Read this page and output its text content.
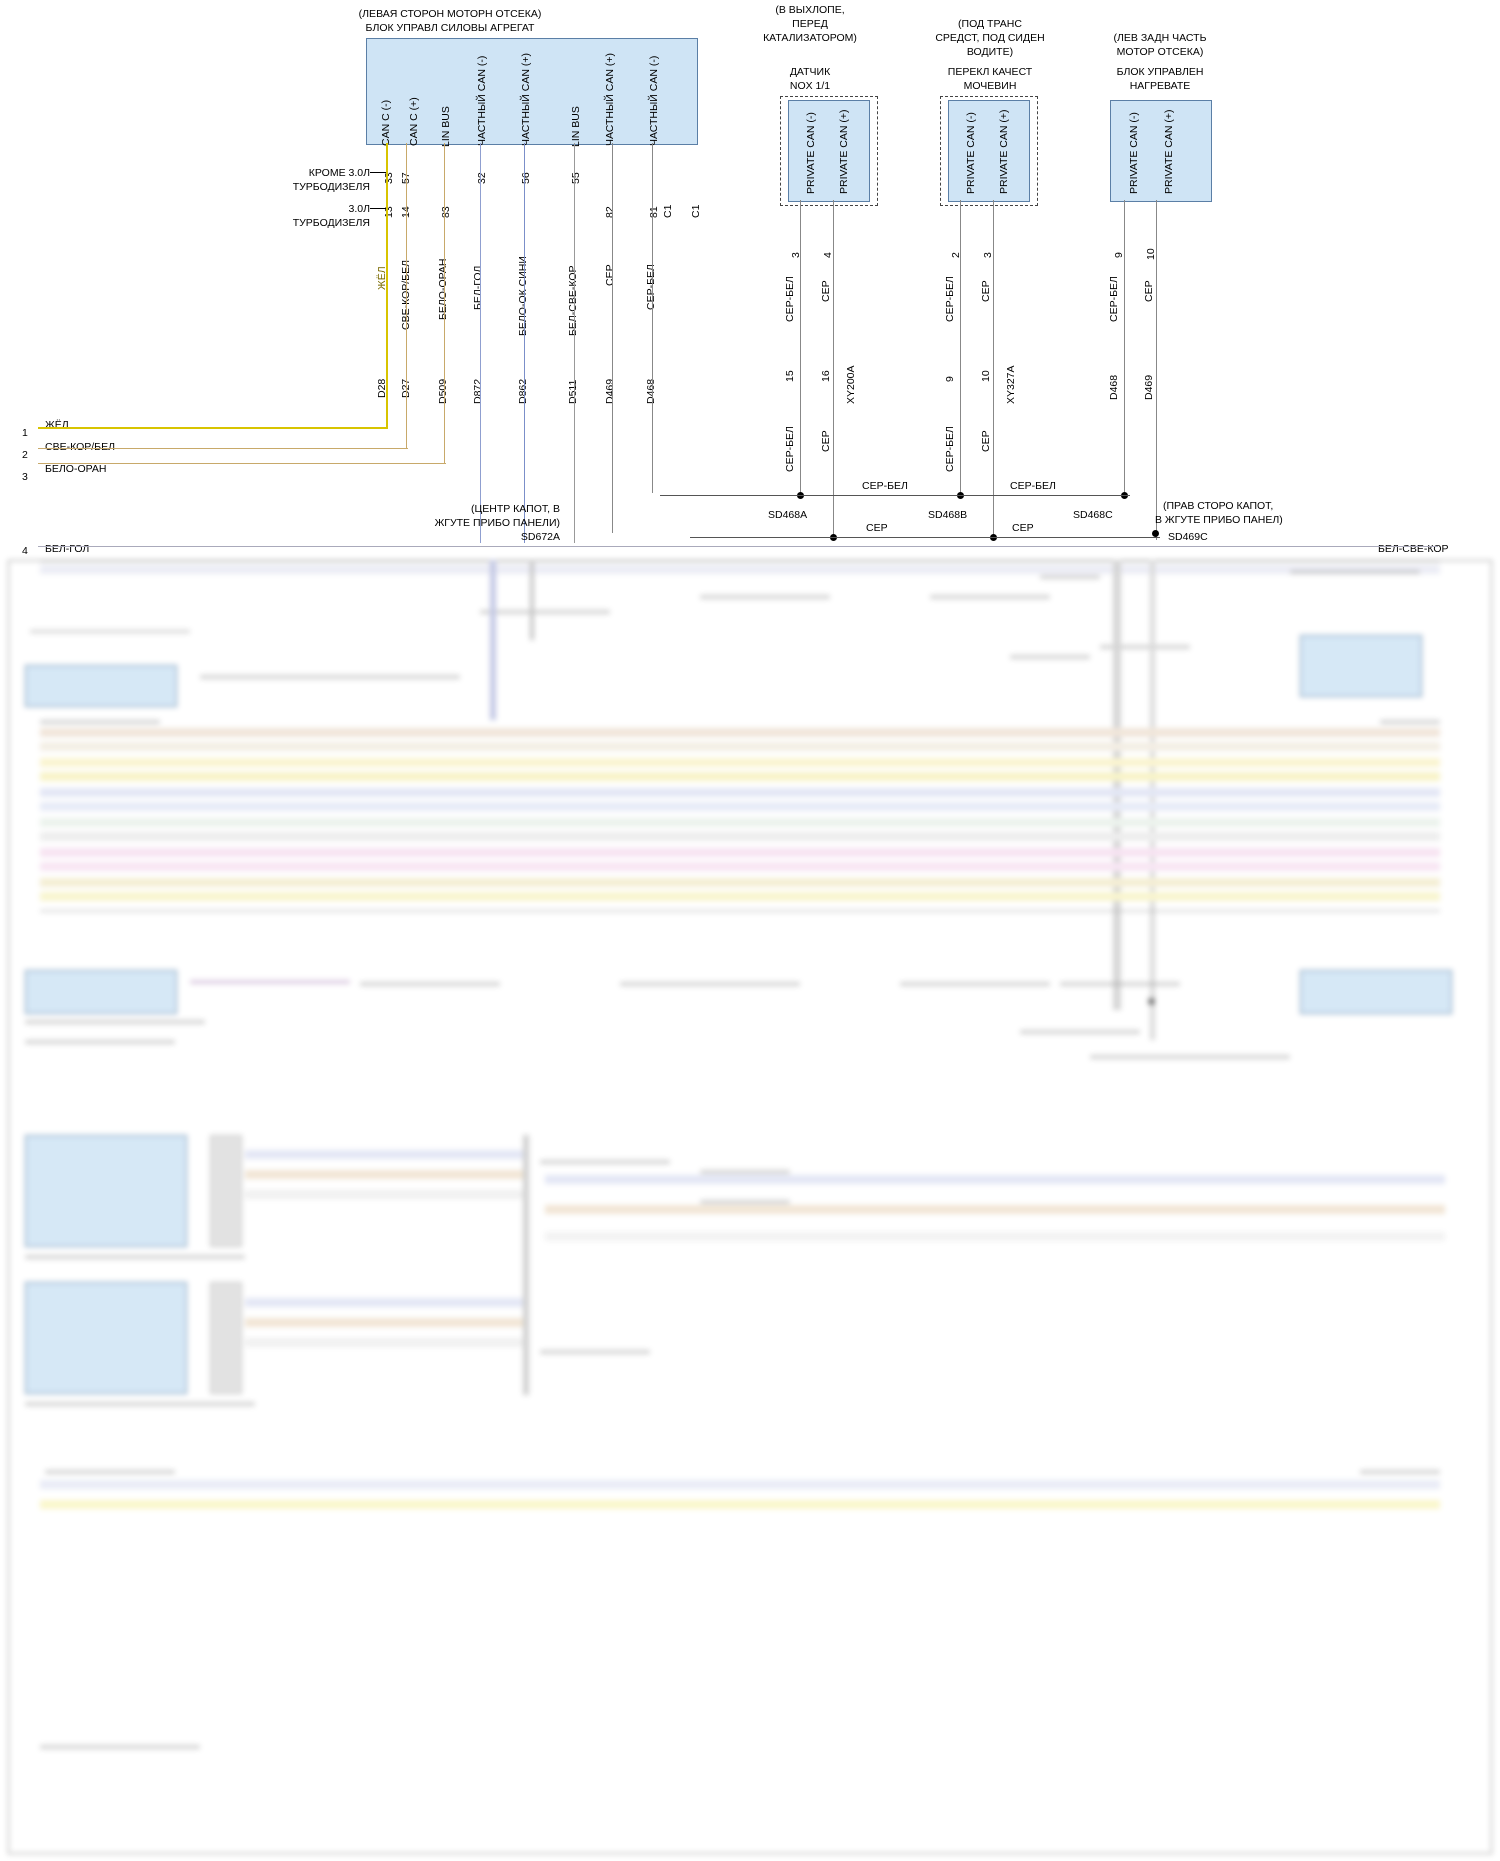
(ЛЕВАЯ СТОРОН МОТОРН ОТСЕКА)
БЛОК УПРАВЛ СИЛОВЫ АГРЕГАТ
CAN C (-) CAN C (+) LIN BUS ЧАСТНЫЙ CAN (-)	ЧАСТНЫЙ CAN (+)	LIN BUS ЧАСТНЫЙ CAN (+)	ЧАСТНЫЙ CAN (-)
33 57
13 14	83
32	56	55
82	81	C1
C1
КРОМЕ 3.0Л
ТУРБОДИЗЕЛЯ
3.0Л
ТУРБОДИЗЕЛЯ
ЖЁЛ СВЕ-КОР/БЕЛ БЕЛО-ОРАН БЕЛ-ГОЛ	БЕЛО-ОК СИНИ	БЕЛ-СВЕ-КОР СЕР	СЕР-БЕЛ
D28 D27 D509 D872	D862	D511 D469	D468
1
ЖЁЛ
2
СВЕ-КОР/БЕЛ
3
БЕЛО-ОРАН
4 БЕЛ-ГОЛ	БЕЛ-СВЕ-КОР
(В ВЫХЛОПЕ,
ПЕРЕД
КАТАЛИЗАТОРОМ)
ДАТЧИК
NOX 1/1
PRIVATE CAN (-) PRIVATE CAN (+)
3 4
СЕР-БЕЛ СЕР
15 16
СЕР-БЕЛ СЕР
XY200A
(ПОД ТРАНС
СРЕДСТ, ПОД СИДЕН
ВОДИТЕ)
ПЕРЕКЛ КАЧЕСТ
МОЧЕВИН
PRIVATE CAN (-) PRIVATE CAN (+)
2 3
СЕР-БЕЛ СЕР
9 10
СЕР-БЕЛ СЕР
XY327A
(ЛЕВ ЗАДН ЧАСТЬ
МОТОР ОТСЕКА)
БЛОК УПРАВЛЕН
НАГРЕВАТЕ
PRIVATE CAN (-) PRIVATE CAN (+)
9 10
СЕР-БЕЛ СЕР
D468 D469
SD468A	SD468B	SD468C
SD469C
СЕР-БЕЛ	СЕР-БЕЛ
СЕР	СЕР
(ЦЕНТР КАПОТ, В
ЖГУТЕ ПРИБО ПАНЕЛИ)
SD672A
(ПРАВ СТОРО КАПОТ,
В ЖГУТЕ ПРИБО ПАНЕЛ)
